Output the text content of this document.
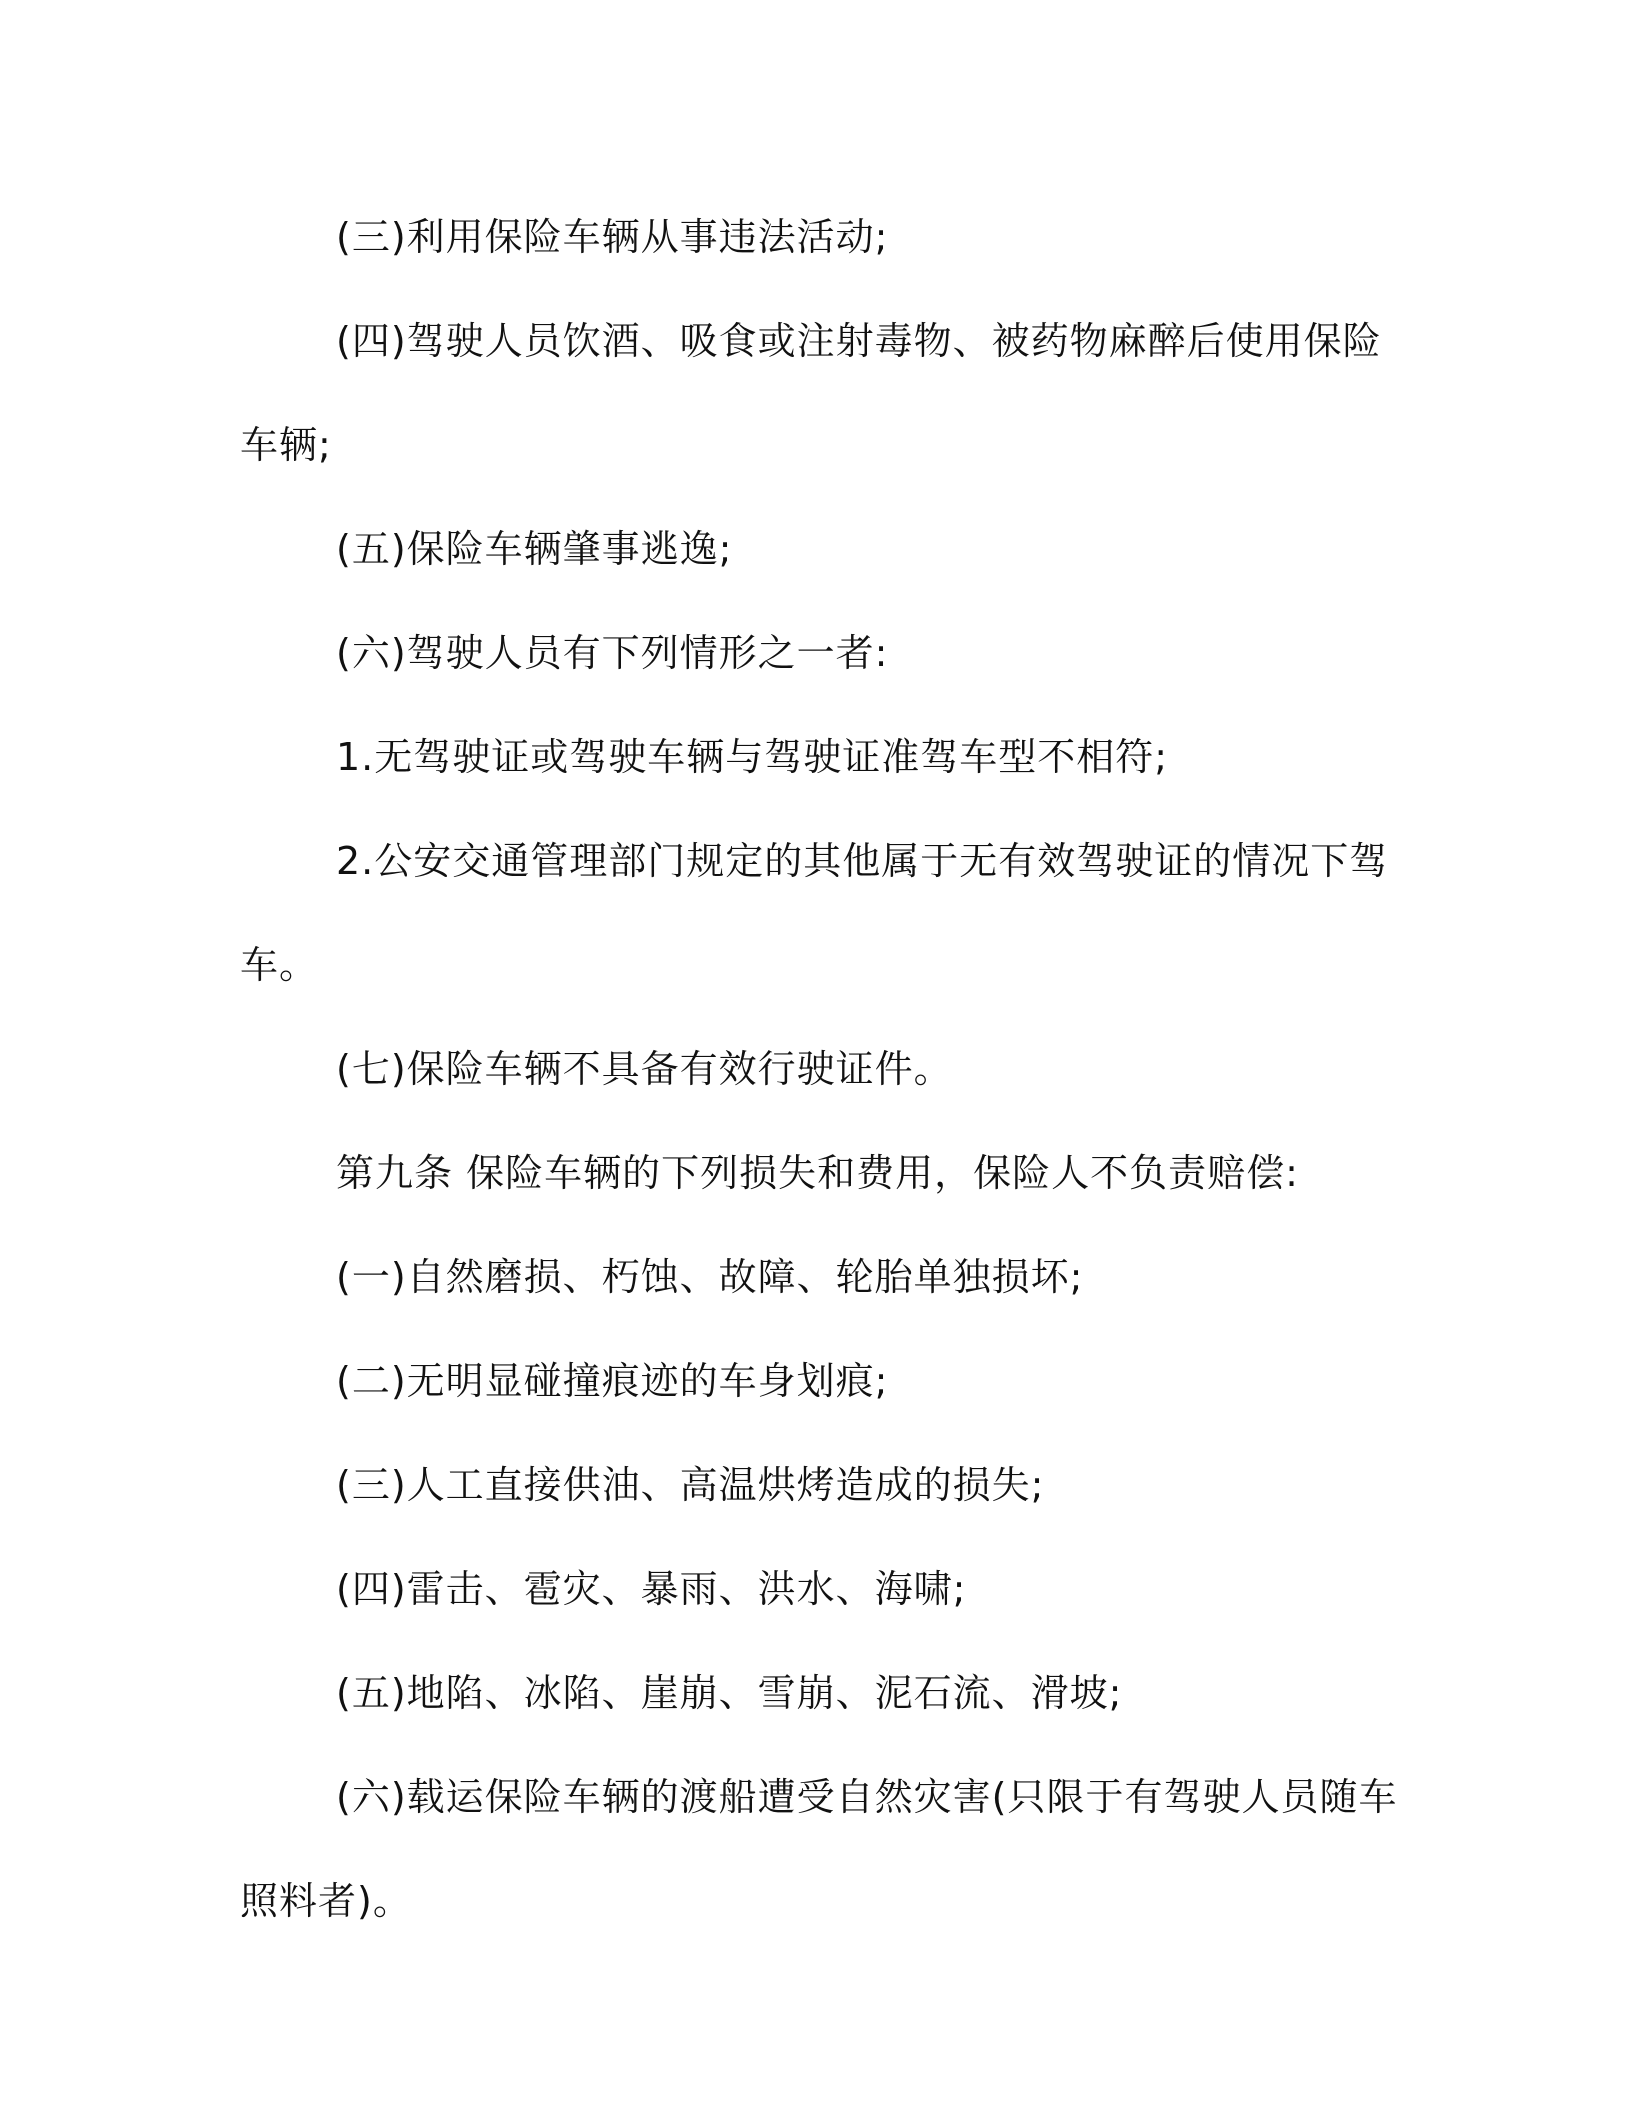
(三)利用保险车辆从事违法活动;

(四)驾驶人员饮酒、吸食或注射毒物、被药物麻醉后使用保险车辆;

(五)保险车辆肇事逃逸;

(六)驾驶人员有下列情形之一者:

1.无驾驶证或驾驶车辆与驾驶证准驾车型不相符;

2.公安交通管理部门规定的其他属于无有效驾驶证的情况下驾车。

(七)保险车辆不具备有效行驶证件。

第九条 保险车辆的下列损失和费用，保险人不负责赔偿:

(一)自然磨损、朽蚀、故障、轮胎单独损坏;

(二)无明显碰撞痕迹的车身划痕;

(三)人工直接供油、高温烘烤造成的损失;

(四)雷击、雹灾、暴雨、洪水、海啸;

(五)地陷、冰陷、崖崩、雪崩、泥石流、滑坡;

(六)载运保险车辆的渡船遭受自然灾害(只限于有驾驶人员随车照料者)。
